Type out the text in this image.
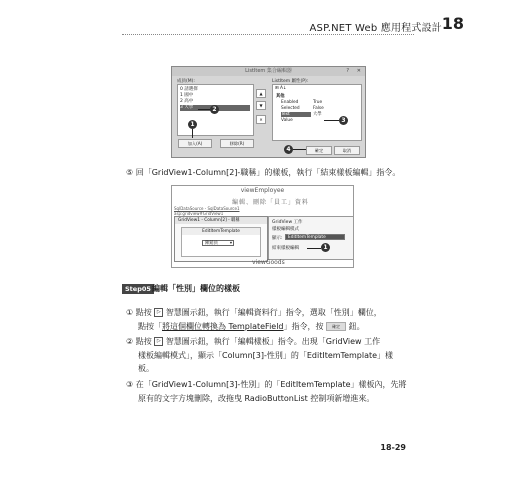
ASP.NET Web 應用程式設計 18
ListItem 集合編輯器	? ✕
成員(M):
0 請選擇
1 國中
2 高中
3 大學
▲
▼
✕
ListItem 屬性(P):
⊞ A↓
其他
Enabled	True
Selected	False
Text	大學
Value
加入(A)	移除(R)
確定	取消
1
2
3
4
⑤ 回「GridView1-Column[2]-職稱」的樣板，執行「結束樣板編輯」指令。
viewEmployee
編輯、刪除「員工」資料
SqlDataSource - SqlDataSource1
asp:gridview#GridView1
GridView1 - Column[2] - 職稱
EditItemTemplate
陳銷員	▾
GridView 工作
樣板編輯模式
顯示:	EditItemTemplate
結束樣板編輯	1
viewGoods
Step05 編輯「性別」欄位的樣板
① 點按 ▷ 智慧圖示鈕，執行「編輯資料行」指令，選取「性別」欄位，
點按「將這個欄位轉換為 TemplateField」指令，按 確定 鈕。
② 點按 ▷ 智慧圖示鈕，執行「編輯樣板」指令。出現「GridView 工作
樣板編輯模式」，顯示「Column[3]-性別」的「EditItemTemplate」樣
板。
③ 在「GridView1-Column[3]-性別」的「EditItemTemplate」樣板內，先將
原有的文字方塊刪除，改拖曳 RadioButtonList 控制項新增進來。
18-29
